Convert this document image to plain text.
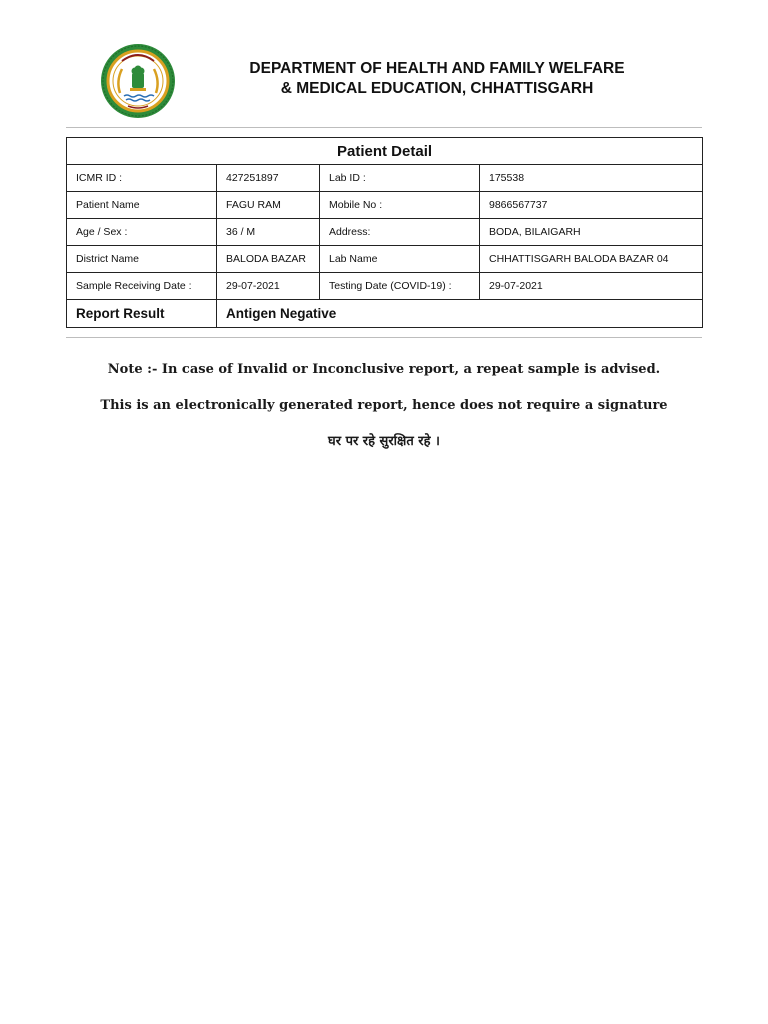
DEPARTMENT OF HEALTH AND FAMILY WELFARE
& MEDICAL EDUCATION, CHHATTISGARH
Patient Detail			
ICMR ID :	427251897	Lab ID :	175538
Patient Name	FAGU RAM	Mobile No :	9866567737
Age / Sex :	36 / M	Address:	BODA, BILAIGARH
District Name	BALODA BAZAR	Lab Name	CHHATTISGARH BALODA BAZAR 04
Sample Receiving Date :	29-07-2021	Testing Date (COVID-19) :	29-07-2021
Report Result	Antigen Negative		
Note :- In case of Invalid or Inconclusive report, a repeat sample is advised.
This is an electronically generated report, hence does not require a signature
घर पर रहे सुरक्षित रहे ।
